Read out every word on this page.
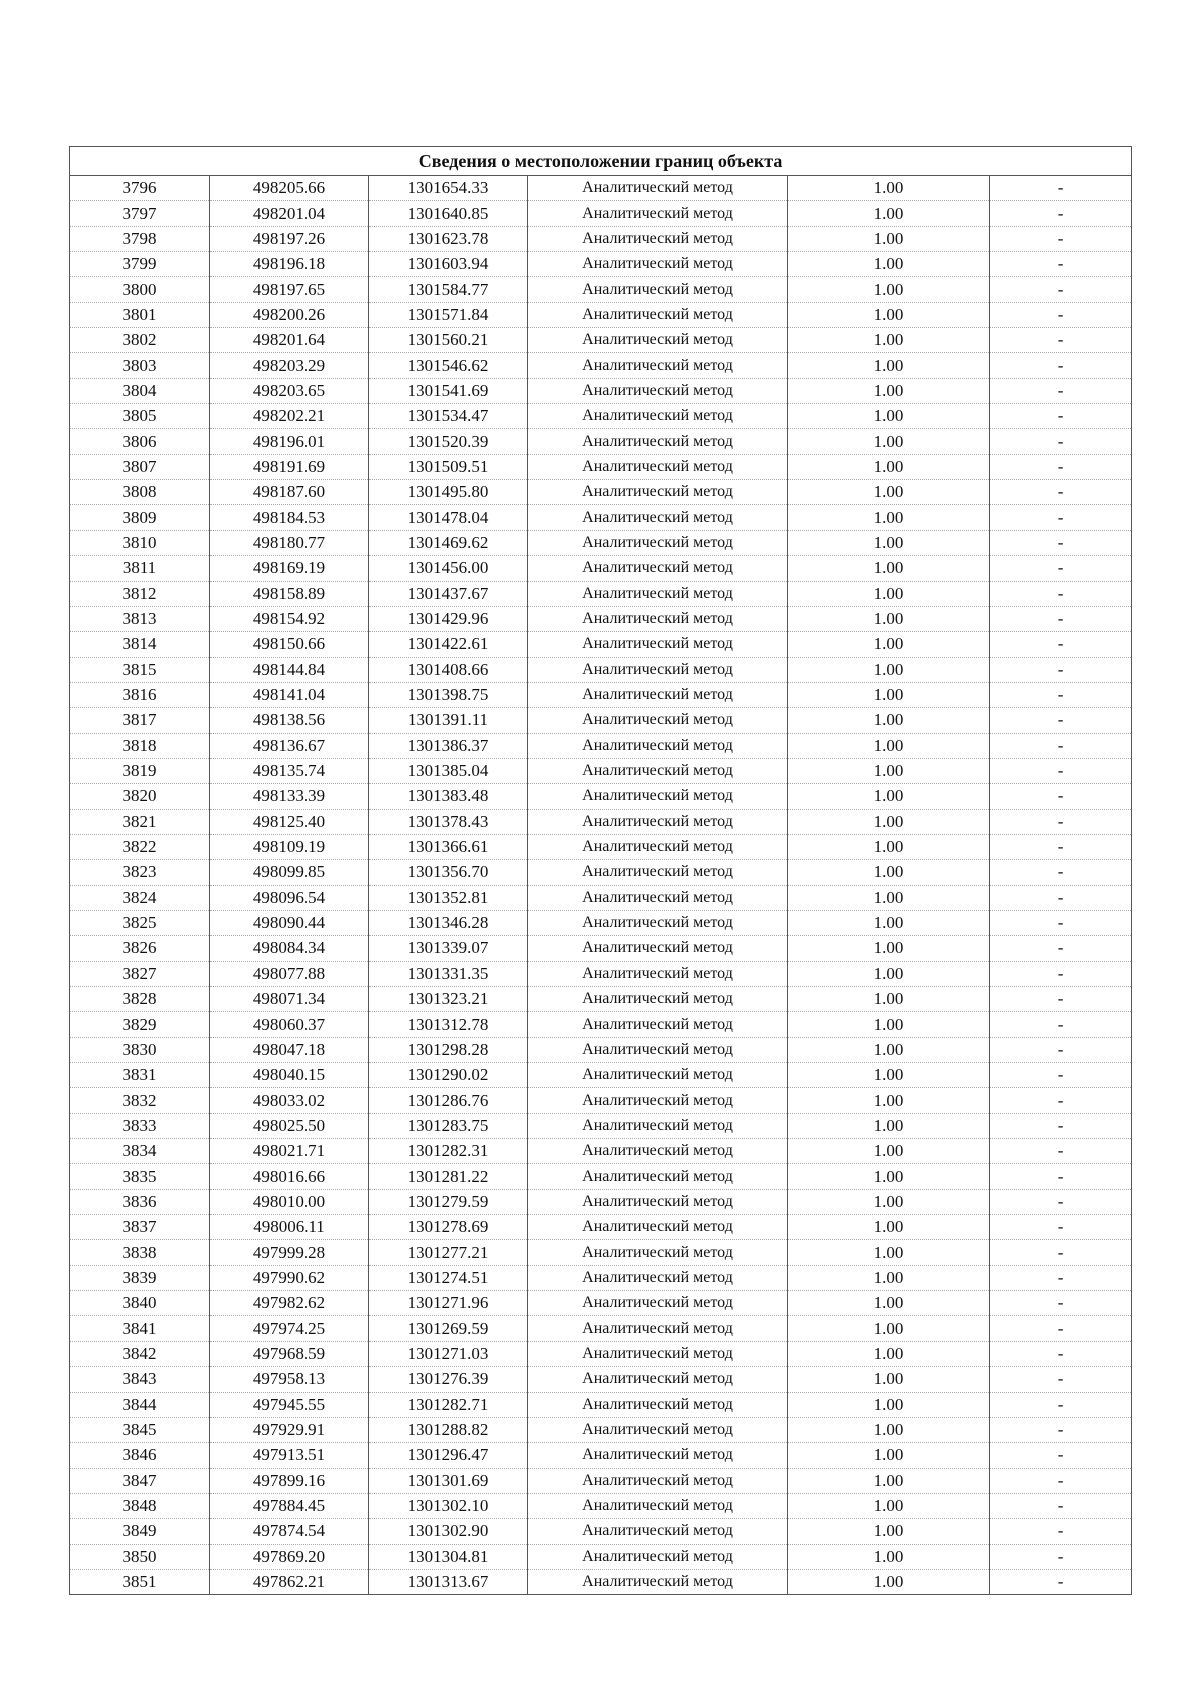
Сведения о местоположении границ объекта					
3796	498205.66	1301654.33	Аналитический метод	1.00	-
3797	498201.04	1301640.85	Аналитический метод	1.00	-
3798	498197.26	1301623.78	Аналитический метод	1.00	-
3799	498196.18	1301603.94	Аналитический метод	1.00	-
3800	498197.65	1301584.77	Аналитический метод	1.00	-
3801	498200.26	1301571.84	Аналитический метод	1.00	-
3802	498201.64	1301560.21	Аналитический метод	1.00	-
3803	498203.29	1301546.62	Аналитический метод	1.00	-
3804	498203.65	1301541.69	Аналитический метод	1.00	-
3805	498202.21	1301534.47	Аналитический метод	1.00	-
3806	498196.01	1301520.39	Аналитический метод	1.00	-
3807	498191.69	1301509.51	Аналитический метод	1.00	-
3808	498187.60	1301495.80	Аналитический метод	1.00	-
3809	498184.53	1301478.04	Аналитический метод	1.00	-
3810	498180.77	1301469.62	Аналитический метод	1.00	-
3811	498169.19	1301456.00	Аналитический метод	1.00	-
3812	498158.89	1301437.67	Аналитический метод	1.00	-
3813	498154.92	1301429.96	Аналитический метод	1.00	-
3814	498150.66	1301422.61	Аналитический метод	1.00	-
3815	498144.84	1301408.66	Аналитический метод	1.00	-
3816	498141.04	1301398.75	Аналитический метод	1.00	-
3817	498138.56	1301391.11	Аналитический метод	1.00	-
3818	498136.67	1301386.37	Аналитический метод	1.00	-
3819	498135.74	1301385.04	Аналитический метод	1.00	-
3820	498133.39	1301383.48	Аналитический метод	1.00	-
3821	498125.40	1301378.43	Аналитический метод	1.00	-
3822	498109.19	1301366.61	Аналитический метод	1.00	-
3823	498099.85	1301356.70	Аналитический метод	1.00	-
3824	498096.54	1301352.81	Аналитический метод	1.00	-
3825	498090.44	1301346.28	Аналитический метод	1.00	-
3826	498084.34	1301339.07	Аналитический метод	1.00	-
3827	498077.88	1301331.35	Аналитический метод	1.00	-
3828	498071.34	1301323.21	Аналитический метод	1.00	-
3829	498060.37	1301312.78	Аналитический метод	1.00	-
3830	498047.18	1301298.28	Аналитический метод	1.00	-
3831	498040.15	1301290.02	Аналитический метод	1.00	-
3832	498033.02	1301286.76	Аналитический метод	1.00	-
3833	498025.50	1301283.75	Аналитический метод	1.00	-
3834	498021.71	1301282.31	Аналитический метод	1.00	-
3835	498016.66	1301281.22	Аналитический метод	1.00	-
3836	498010.00	1301279.59	Аналитический метод	1.00	-
3837	498006.11	1301278.69	Аналитический метод	1.00	-
3838	497999.28	1301277.21	Аналитический метод	1.00	-
3839	497990.62	1301274.51	Аналитический метод	1.00	-
3840	497982.62	1301271.96	Аналитический метод	1.00	-
3841	497974.25	1301269.59	Аналитический метод	1.00	-
3842	497968.59	1301271.03	Аналитический метод	1.00	-
3843	497958.13	1301276.39	Аналитический метод	1.00	-
3844	497945.55	1301282.71	Аналитический метод	1.00	-
3845	497929.91	1301288.82	Аналитический метод	1.00	-
3846	497913.51	1301296.47	Аналитический метод	1.00	-
3847	497899.16	1301301.69	Аналитический метод	1.00	-
3848	497884.45	1301302.10	Аналитический метод	1.00	-
3849	497874.54	1301302.90	Аналитический метод	1.00	-
3850	497869.20	1301304.81	Аналитический метод	1.00	-
3851	497862.21	1301313.67	Аналитический метод	1.00	-
